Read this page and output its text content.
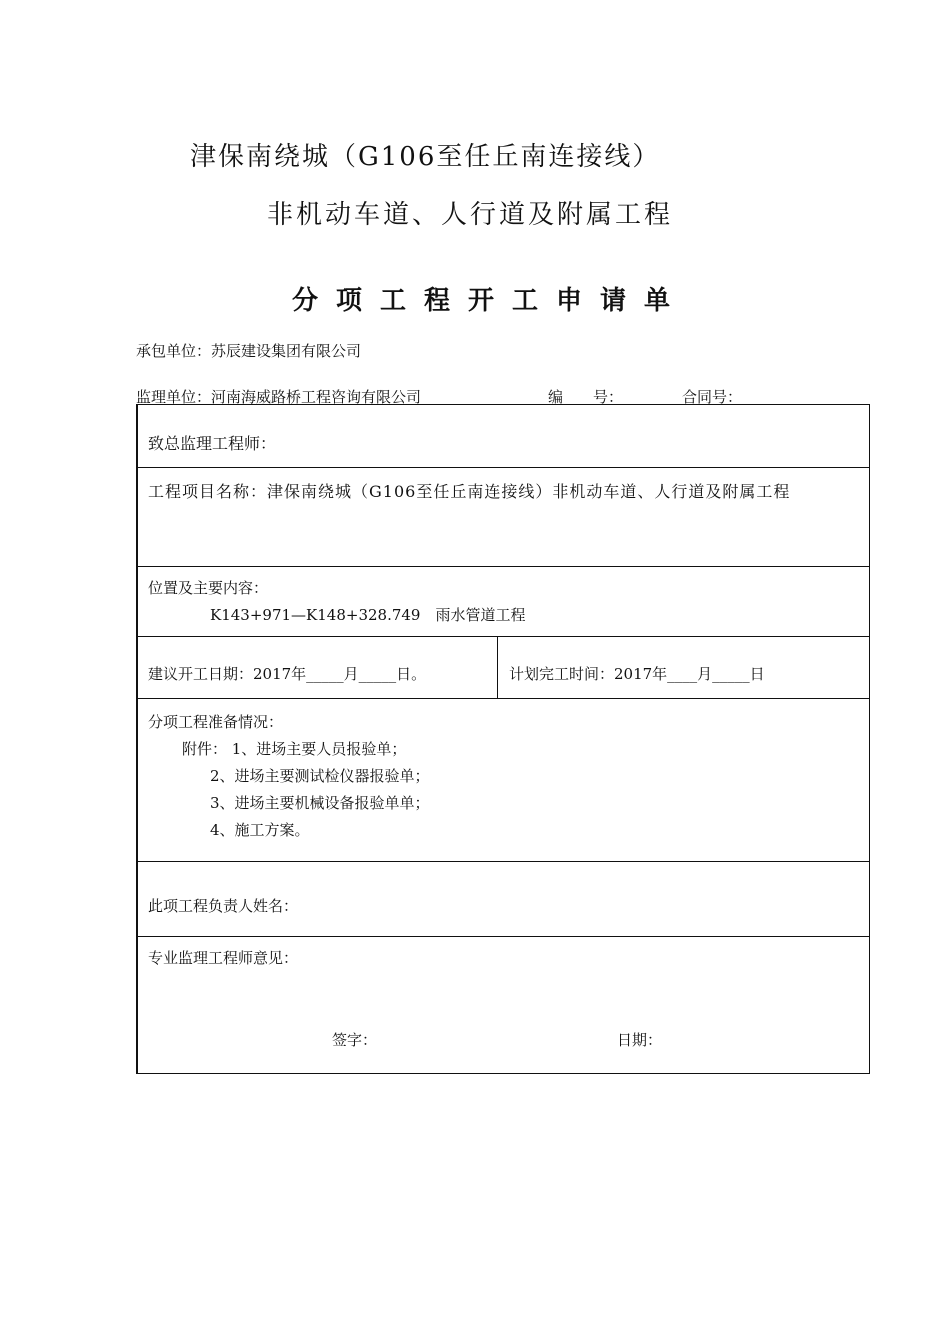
津保南绕城（G106至任丘南连接线）
非机动车道、人行道及附属工程
分项工程开工申请单
承包单位：苏辰建设集团有限公司
监理单位：河南海威路桥工程咨询有限公司	编　　号：	合同号：
致总监理工程师：
工程项目名称：津保南绕城（G106至任丘南连接线）非机动车道、人行道及附属工程
位置及主要内容：
K143+971—K148+328.749　雨水管道工程
建议开工日期：2017年_____月_____日。	计划完工时间：2017年____月_____日
分项工程准备情况：
附件： 1、进场主要人员报验单；
2、进场主要测试检仪器报验单；
3、进场主要机械设备报验单单；
4、施工方案。
此项工程负责人姓名：
专业监理工程师意见：
签字：	日期：
